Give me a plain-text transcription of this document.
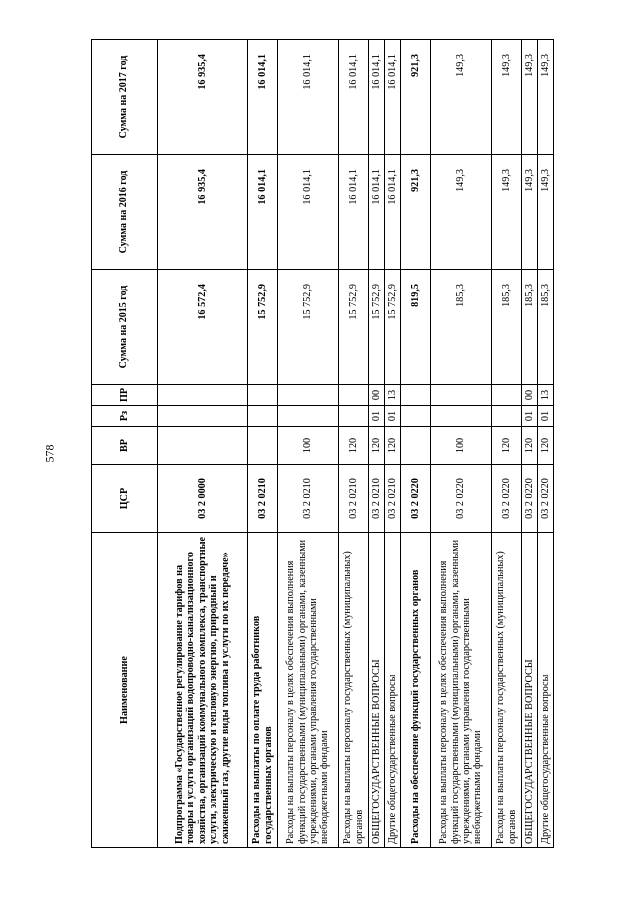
578
Наименование	ЦСР	ВР	Рз	ПР	Сумма на 2015 год	Сумма на 2016 год	Сумма на 2017 год
Подпрограмма «Государственное регулирование тарифов на товары и услуги организаций водопроводно-канализационного хозяйства, организаций коммунального комплекса, транспортные услуги, электрическую и тепловую энергию, природный и сжиженный газ, другие виды топлива и услуги по их передаче»	03 2 0000				16 572,4	16 935,4	16 935,4
Расходы на выплаты по оплате труда работников государственных органов	03 2 0210				15 752,9	16 014,1	16 014,1
Расходы на выплаты персоналу в целях обеспечения выполнения функций государственными (муниципальными) органами, казенными учреждениями, органами управления государственными внебюджетными фондами	03 2 0210	100			15 752,9	16 014,1	16 014,1
Расходы на выплаты персоналу государственных (муниципальных) органов	03 2 0210	120			15 752,9	16 014,1	16 014,1
ОБЩЕГОСУДАРСТВЕННЫЕ ВОПРОСЫ	03 2 0210	120	01	00	15 752,9	16 014,1	16 014,1
Другие общегосударственные вопросы	03 2 0210	120	01	13	15 752,9	16 014,1	16 014,1
Расходы на обеспечение функций государственных органов	03 2 0220				819,5	921,3	921,3
Расходы на выплаты персоналу в целях обеспечения выполнения функций государственными (муниципальными) органами, казенными учреждениями, органами управления государственными внебюджетными фондами	03 2 0220	100			185,3	149,3	149,3
Расходы на выплаты персоналу государственных (муниципальных) органов	03 2 0220	120			185,3	149,3	149,3
ОБЩЕГОСУДАРСТВЕННЫЕ ВОПРОСЫ	03 2 0220	120	01	00	185,3	149,3	149,3
Другие общегосударственные вопросы	03 2 0220	120	01	13	185,3	149,3	149,3
